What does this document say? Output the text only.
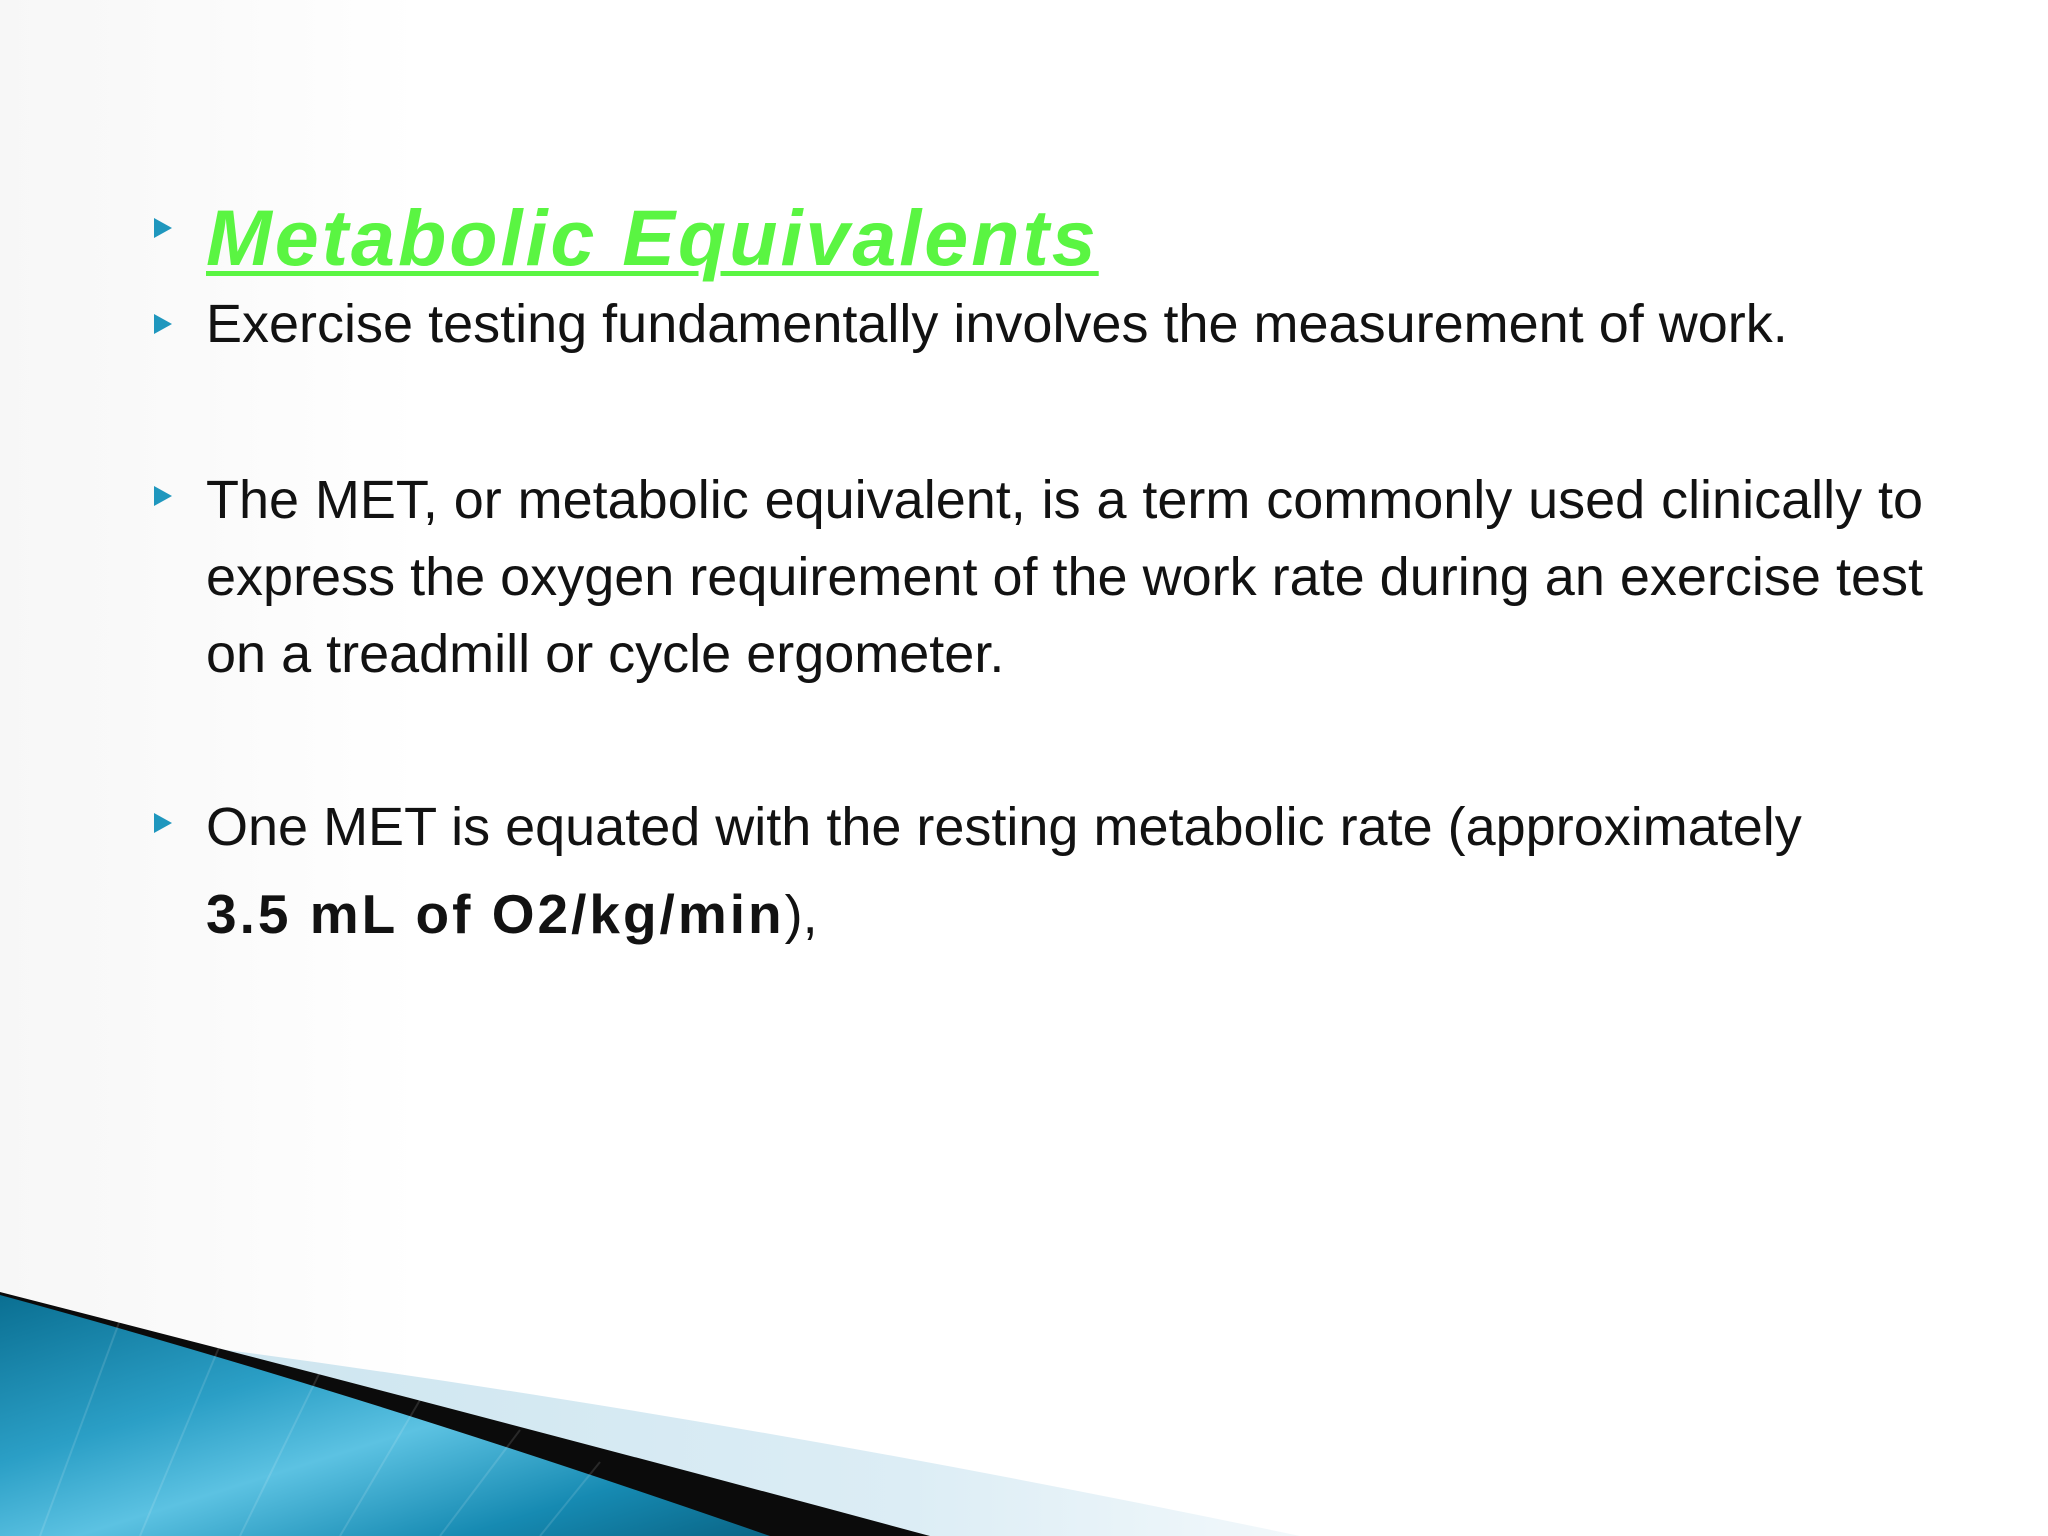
Metabolic Equivalents

Exercise testing fundamentally involves the measurement of work.

The MET, or metabolic equivalent, is a term commonly used clinically to express the oxygen requirement of the work rate during an exercise test on a treadmill or cycle ergometer.

One MET is equated with the resting metabolic rate (approximately
3.5 mL of O2/kg/min),
